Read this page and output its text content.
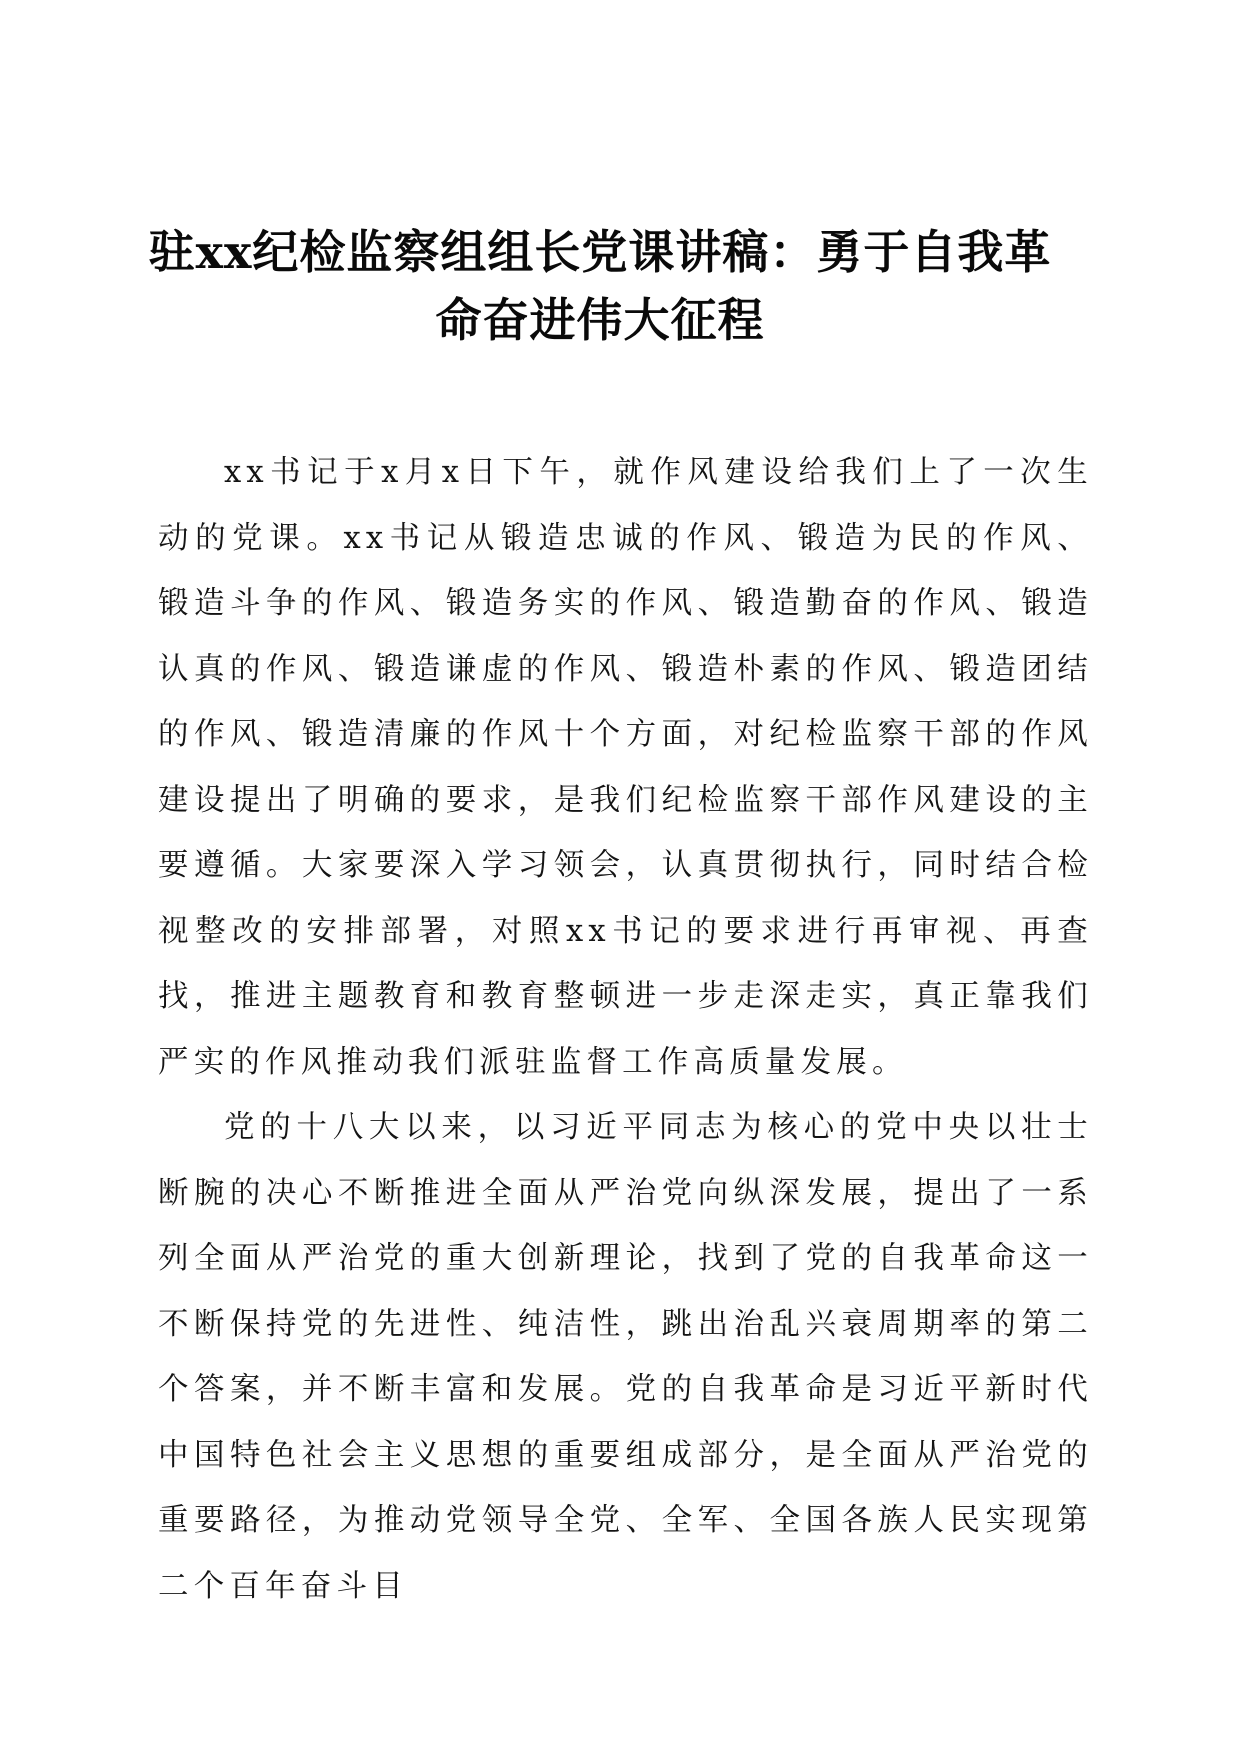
驻xx纪检监察组组长党课讲稿：勇于自我革
命奋进伟大征程

xx书记于x月x日下午，就作风建设给我们上了一次生动的党课。xx书记从锻造忠诚的作风、锻造为民的作风、锻造斗争的作风、锻造务实的作风、锻造勤奋的作风、锻造认真的作风、锻造谦虚的作风、锻造朴素的作风、锻造团结的作风、锻造清廉的作风十个方面，对纪检监察干部的作风建设提出了明确的要求，是我们纪检监察干部作风建设的主要遵循。大家要深入学习领会，认真贯彻执行，同时结合检视整改的安排部署，对照xx书记的要求进行再审视、再查找，推进主题教育和教育整顿进一步走深走实，真正靠我们严实的作风推动我们派驻监督工作高质量发展。

党的十八大以来，以习近平同志为核心的党中央以壮士断腕的决心不断推进全面从严治党向纵深发展，提出了一系列全面从严治党的重大创新理论，找到了党的自我革命这一不断保持党的先进性、纯洁性，跳出治乱兴衰周期率的第二个答案，并不断丰富和发展。党的自我革命是习近平新时代中国特色社会主义思想的重要组成部分，是全面从严治党的重要路径，为推动党领导全党、全军、全国各族人民实现第二个百年奋斗目
